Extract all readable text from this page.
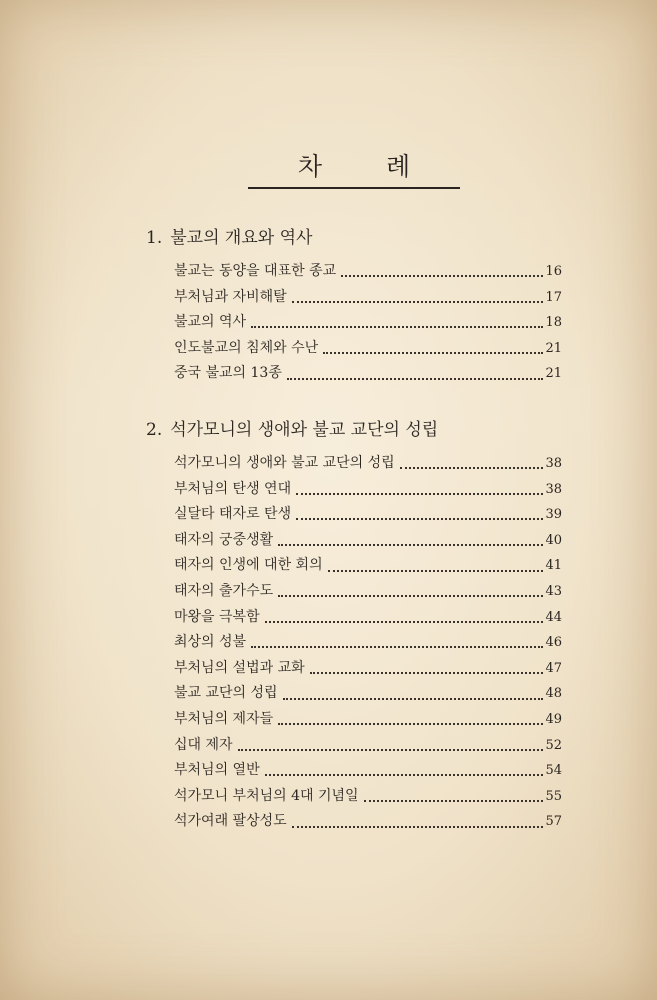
차 례
1. 불교의 개요와 역사
불교는 동양을 대표한 종교	16
부처님과 자비해탈	17
불교의 역사	18
인도불교의 침체와 수난	21
중국 불교의 13종	21
2. 석가모니의 생애와 불교 교단의 성립
석가모니의 생애와 불교 교단의 성립	38
부처님의 탄생 연대	38
실달타 태자로 탄생	39
태자의 궁중생활	40
태자의 인생에 대한 회의	41
태자의 출가수도	43
마왕을 극복함	44
최상의 성불	46
부처님의 설법과 교화	47
불교 교단의 성립	48
부처님의 제자들	49
십대 제자	52
부처님의 열반	54
석가모니 부처님의 4대 기념일	55
석가여래 팔상성도	57
